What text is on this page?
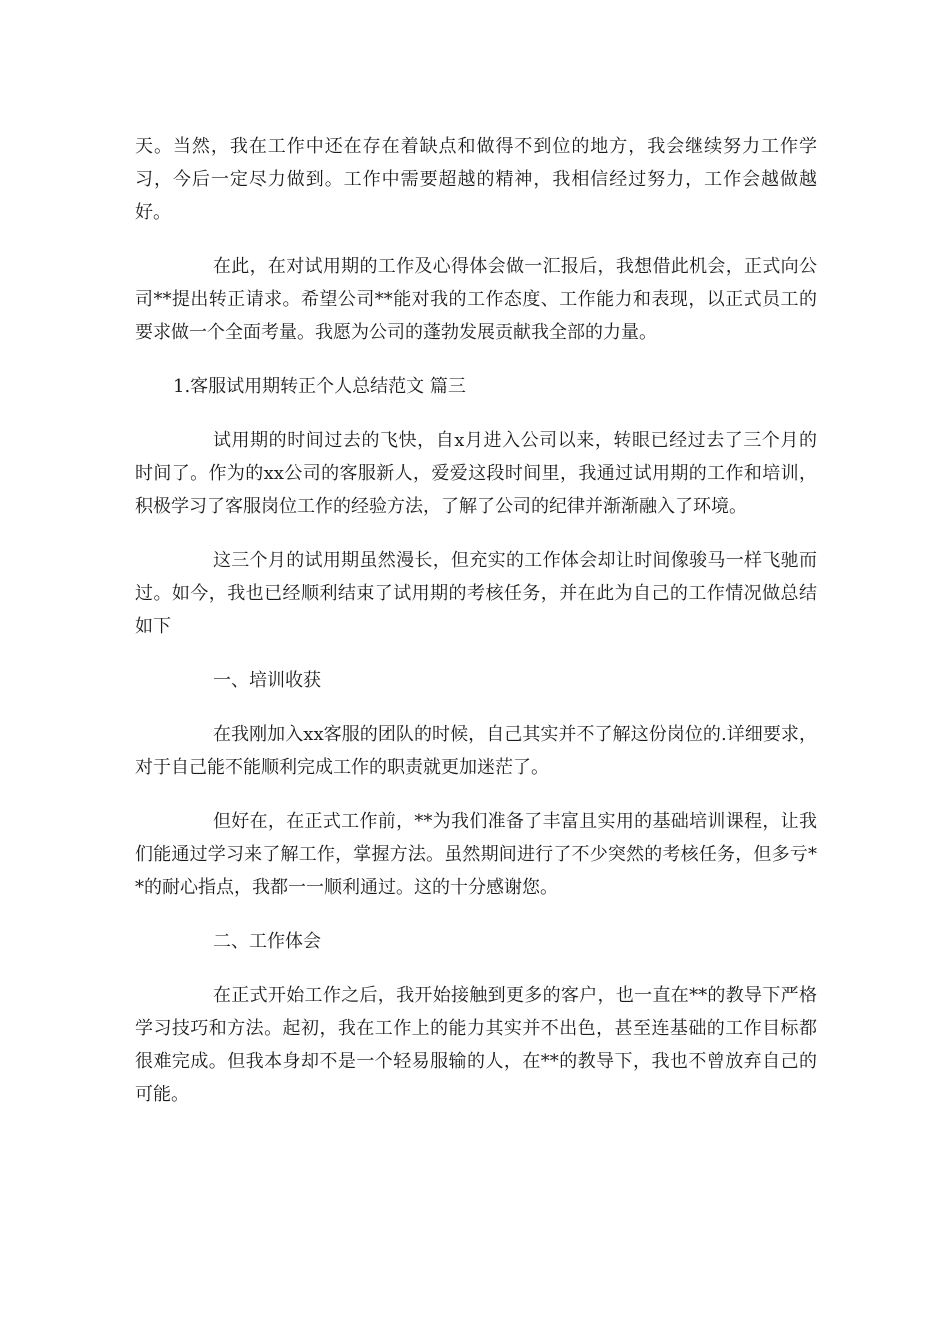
天。当然，我在工作中还在存在着缺点和做得不到位的地方，我会继续努力工作学习，今后一定尽力做到。工作中需要超越的精神，我相信经过努力，工作会越做越好。

在此，在对试用期的工作及心得体会做一汇报后，我想借此机会，正式向公司**提出转正请求。希望公司**能对我的工作态度、工作能力和表现，以正式员工的要求做一个全面考量。我愿为公司的蓬勃发展贡献我全部的力量。

1.客服试用期转正个人总结范文 篇三

试用期的时间过去的飞快，自x月进入公司以来，转眼已经过去了三个月的时间了。作为的xx公司的客服新人，爱爱这段时间里，我通过试用期的工作和培训，积极学习了客服岗位工作的经验方法，了解了公司的纪律并渐渐融入了环境。

这三个月的试用期虽然漫长，但充实的工作体会却让时间像骏马一样飞驰而过。如今，我也已经顺利结束了试用期的考核任务，并在此为自己的工作情况做总结如下

一、培训收获

在我刚加入xx客服的团队的时候，自己其实并不了解这份岗位的.详细要求，对于自己能不能顺利完成工作的职责就更加迷茫了。

但好在，在正式工作前，**为我们准备了丰富且实用的基础培训课程，让我们能通过学习来了解工作，掌握方法。虽然期间进行了不少突然的考核任务，但多亏**的耐心指点，我都一一顺利通过。这的十分感谢您。

二、工作体会

在正式开始工作之后，我开始接触到更多的客户，也一直在**的教导下严格学习技巧和方法。起初，我在工作上的能力其实并不出色，甚至连基础的工作目标都很难完成。但我本身却不是一个轻易服输的人，在**的教导下，我也不曾放弃自己的可能。
